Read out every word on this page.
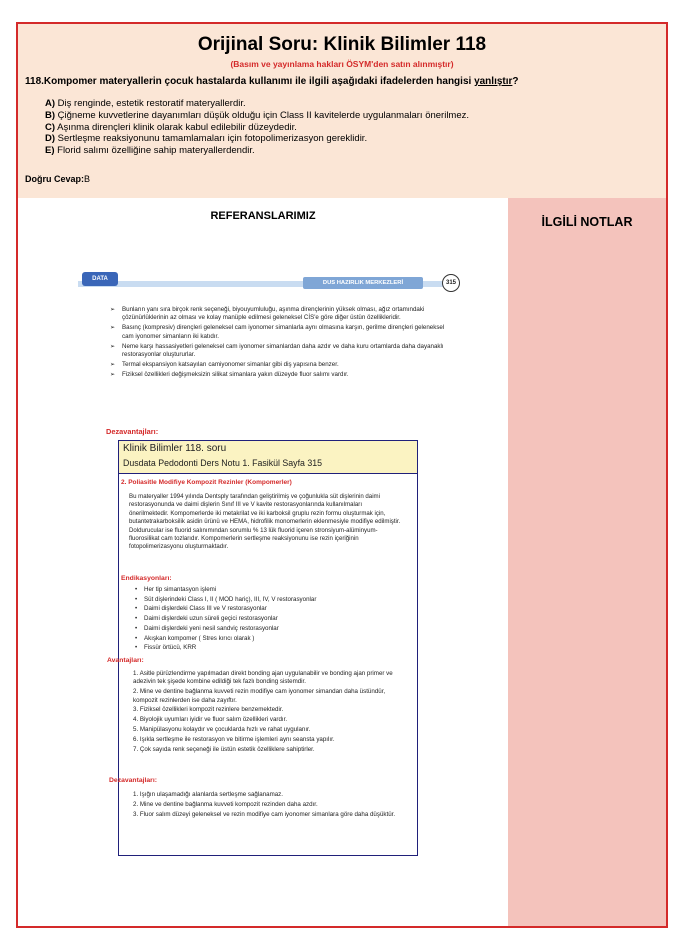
Orijinal Soru: Klinik Bilimler 118
(Basım ve yayınlama hakları ÖSYM'den satın alınmıştır)
118.Kompomer materyallerin çocuk hastalarda kullanımı ile ilgili aşağıdaki ifadelerden hangisi yanlıştır?
A) Diş renginde, estetik restoratif materyallerdir.
B) Çiğneme kuvvetlerine dayanımları düşük olduğu için Class II kavitelerde uygulanmaları önerilmez.
C) Aşınma dirençleri klinik olarak kabul edilebilir düzeydedir.
D) Sertleşme reaksiyonunu tamamlamaları için fotopolimerizasyon gereklidir.
E) Florid salımı özelliğine sahip materyallerdendir.
Doğru Cevap:B
REFERANSLARIMIZ	İLGİLİ NOTLAR
DATA
DUS HAZIRLIK MERKEZLERİ	315
➢ Bunların yanı sıra birçok renk seçeneği, biyouyumluluğu, aşınma dirençlerinin yüksek olması, ağız ortamındaki çözünürlüklerinin az olması ve kolay manüple edilmesi geleneksel CİS'e göre diğer üstün özellikleridir.
➢ Basınç (kompresiv) dirençleri geleneksel cam iyonomer simanlarla aynı olmasına karşın, gerilme dirençleri geleneksel cam iyonomer simanların iki katıdır.
➢ Neme karşı hassasiyetleri geleneksel cam iyonomer simanlardan daha azdır ve daha kuru ortamlarda daha dayanaklı restorasyonlar oluştururlar.
➢ Termal ekspansiyon katsayıları camiyonomer simanlar gibi diş yapısına benzer.
➢ Fiziksel özellikleri değişmeksizin silikat simanlara yakın düzeyde fluor salımı vardır.
Dezavantajları:
Klinik Bilimler 118. soru
Dusdata Pedodonti Ders Notu 1. Fasikül Sayfa 315
2. Poliasitle Modifiye Kompozit Rezinler (Kompomerler)
Bu materyaller 1994 yılında Dentsply tarafından geliştirilmiş ve çoğunlukla süt dişlerinin daimi restorasyonunda ve daimi dişlerin Sınıf III ve V kavite restorasyonlarında kullanılmaları önerilmektedir. Kompomerlerde iki metakrilat ve iki karboksil gruplu rezin formu oluşturmak için, butantetrakarboksilik asidin ürünü ve HEMA, hidrofilik monomerlerin eklenmesiyle modifiye edilmiştir. Doldurucular ise fluorid salınımından sorumlu % 13 lük fluorid içeren stronsiyum-alüminyum-fluorosilikat cam tozlarıdır. Kompomerlerin sertleşme reaksiyonunu ise rezin içeriğinin fotopolimerizasyonu oluşturmaktadır.
Endikasyonları:
• Her tip simantasyon işlemi
• Süt dişlerindeki Class I, II ( MOD hariç), III, IV, V restorasyonlar
• Daimi dişlerdeki Class III ve V restorasyonlar
• Daimi dişlerdeki uzun süreli geçici restorasyonlar
• Daimi dişlerdeki yeni nesil sandviç restorasyonlar
• Akışkan kompomer ( Stres kırıcı olarak )
• Fissür örtücü, KRR
Avantajları:
1. Asitle pürüzlendirme yapılmadan direkt bonding ajan uygulanabilir ve bonding ajan primer ve adezivin tek şişede kombine edildiği tek fazlı bonding sistemdir.
2. Mine ve dentine bağlanma kuvveti rezin modifiye cam iyonomer simandan daha üstündür, kompozit rezinlerden ise daha zayıftır.
3. Fiziksel özellikleri kompozit rezinlere benzemektedir.
4. Biyolojik uyumları iyidir ve fluor salım özellikleri vardır.
5. Manipülasyonu kolaydır ve çocuklarda hızlı ve rahat uygulanır.
6. Işıkla sertleşme ile restorasyon ve bitirme işlemleri aynı seansta yapılır.
7. Çok sayıda renk seçeneği ile üstün estetik özelliklere sahiptirler.
Dezavantajları:
1. Işığın ulaşamadığı alanlarda sertleşme sağlanamaz.
2. Mine ve dentine bağlanma kuvveti kompozit rezinden daha azdır.
3. Fluor salım düzeyi geleneksel ve rezin modifiye cam iyonomer simanlara göre daha düşüktür.
